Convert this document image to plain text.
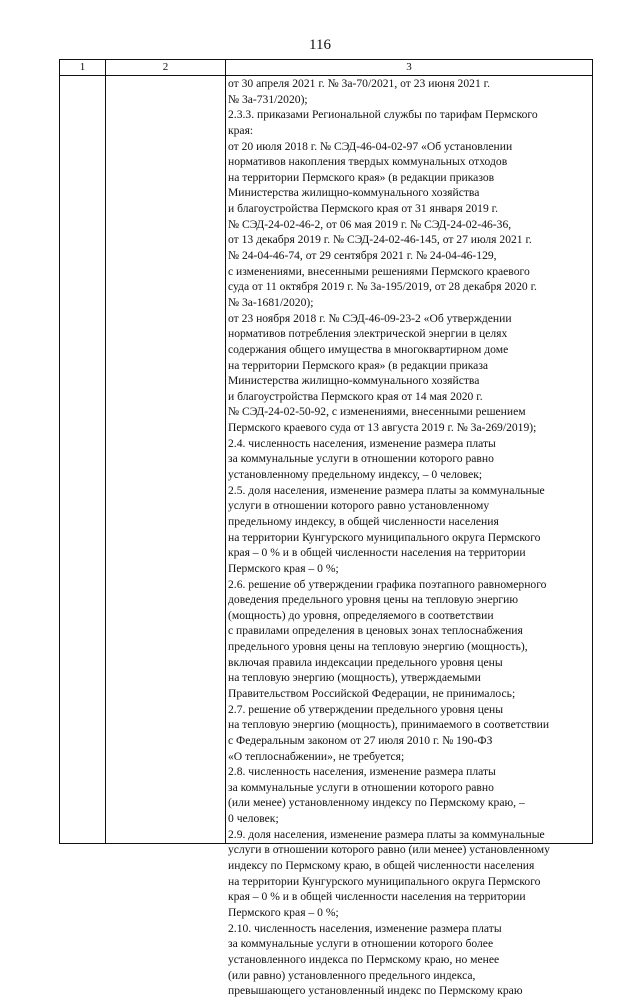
116
1	2	3
от 30 апреля 2021 г. № 3а-70/2021, от 23 июня 2021 г.
№ 3а-731/2020);
2.3.3. приказами Региональной службы по тарифам Пермского
края:
от 20 июля 2018 г. № СЭД-46-04-02-97 «Об установлении
нормативов накопления твердых коммунальных отходов
на территории Пермского края» (в редакции приказов
Министерства жилищно-коммунального хозяйства
и благоустройства Пермского края от 31 января 2019 г.
№ СЭД-24-02-46-2, от 06 мая 2019 г. № СЭД-24-02-46-36,
от 13 декабря 2019 г. № СЭД-24-02-46-145, от 27 июля 2021 г.
№ 24-04-46-74, от 29 сентября 2021 г. № 24-04-46-129,
с изменениями, внесенными решениями Пермского краевого
суда от 11 октября 2019 г. № 3а-195/2019, от 28 декабря 2020 г.
№ 3а-1681/2020);
от 23 ноября 2018 г. № СЭД-46-09-23-2 «Об утверждении
нормативов потребления электрической энергии в целях
содержания общего имущества в многоквартирном доме
на территории Пермского края» (в редакции приказа
Министерства жилищно-коммунального хозяйства
и благоустройства Пермского края от 14 мая 2020 г.
№ СЭД-24-02-50-92, с изменениями, внесенными решением
Пермского краевого суда от 13 августа 2019 г. № 3а-269/2019);
2.4. численность населения, изменение размера платы
за коммунальные услуги в отношении которого равно
установленному предельному индексу, – 0 человек;
2.5. доля населения, изменение размера платы за коммунальные
услуги в отношении которого равно установленному
предельному индексу, в общей численности населения
на территории Кунгурского муниципального округа Пермского
края – 0 % и в общей численности населения на территории
Пермского края – 0 %;
2.6. решение об утверждении графика поэтапного равномерного
доведения предельного уровня цены на тепловую энергию
(мощность) до уровня, определяемого в соответствии
с правилами определения в ценовых зонах теплоснабжения
предельного уровня цены на тепловую энергию (мощность),
включая правила индексации предельного уровня цены
на тепловую энергию (мощность), утверждаемыми
Правительством Российской Федерации, не принималось;
2.7. решение об утверждении предельного уровня цены
на тепловую энергию (мощность), принимаемого в соответствии
с Федеральным законом от 27 июля 2010 г. № 190-ФЗ
«О теплоснабжении», не требуется;
2.8. численность населения, изменение размера платы
за коммунальные услуги в отношении которого равно
(или менее) установленному индексу по Пермскому краю, –
0 человек;
2.9. доля населения, изменение размера платы за коммунальные
услуги в отношении которого равно (или менее) установленному
индексу по Пермскому краю, в общей численности населения
на территории Кунгурского муниципального округа Пермского
края – 0 % и в общей численности населения на территории
Пермского края – 0 %;
2.10. численность населения, изменение размера платы
за коммунальные услуги в отношении которого более
установленного индекса по Пермскому краю, но менее
(или равно) установленного предельного индекса,
превышающего установленный индекс по Пермскому краю
